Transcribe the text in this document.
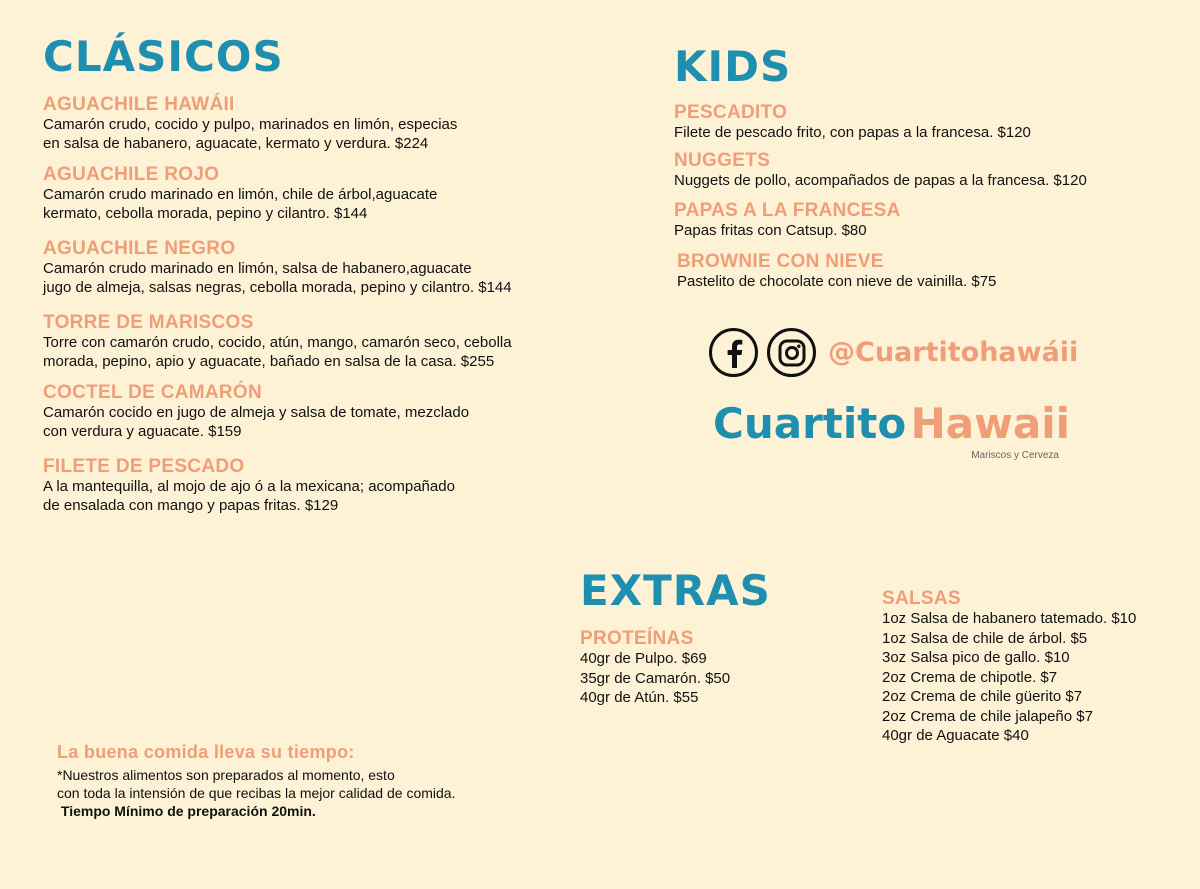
CLÁSICOS
AGUACHILE HAWÁII
Camarón crudo, cocido y pulpo, marinados en limón, especias
en salsa de habanero, aguacate, kermato y verdura. $224
AGUACHILE ROJO
Camarón crudo marinado en limón, chile de árbol,aguacate
kermato, cebolla morada, pepino y cilantro. $144
AGUACHILE NEGRO
Camarón crudo marinado en limón, salsa de habanero,aguacate
jugo de almeja, salsas negras, cebolla morada, pepino y cilantro. $144
TORRE DE MARISCOS
Torre con camarón crudo, cocido, atún, mango, camarón seco, cebolla
morada, pepino, apio y aguacate, bañado en salsa de la casa. $255
COCTEL DE CAMARÓN
Camarón cocido en jugo de almeja y salsa de tomate, mezclado
con verdura y aguacate. $159
FILETE DE PESCADO
A la mantequilla, al mojo de ajo ó a la mexicana; acompañado
de ensalada con mango y papas fritas. $129
KIDS
PESCADITO
Filete de pescado frito, con papas a la francesa. $120
NUGGETS
Nuggets de pollo, acompañados de papas a la francesa. $120
PAPAS A LA FRANCESA
Papas fritas con Catsup. $80
BROWNIE CON NIEVE
Pastelito de chocolate con nieve de vainilla. $75
@Cuartitohawáii
Cuartito Hawaii
Mariscos y Cerveza
EXTRAS
PROTEÍNAS
40gr de Pulpo. $69
35gr de Camarón. $50
40gr de Atún. $55
SALSAS
1oz Salsa de habanero tatemado. $10
1oz Salsa de chile de árbol. $5
3oz Salsa pico de gallo. $10
2oz Crema de chipotle. $7
2oz Crema de chile güerito $7
2oz Crema de chile jalapeño $7
40gr de Aguacate $40
La buena comida lleva su tiempo:
*Nuestros alimentos son preparados al momento, esto
con toda la intensión de que recibas la mejor calidad de comida.
Tiempo Mínimo de preparación 20min.
